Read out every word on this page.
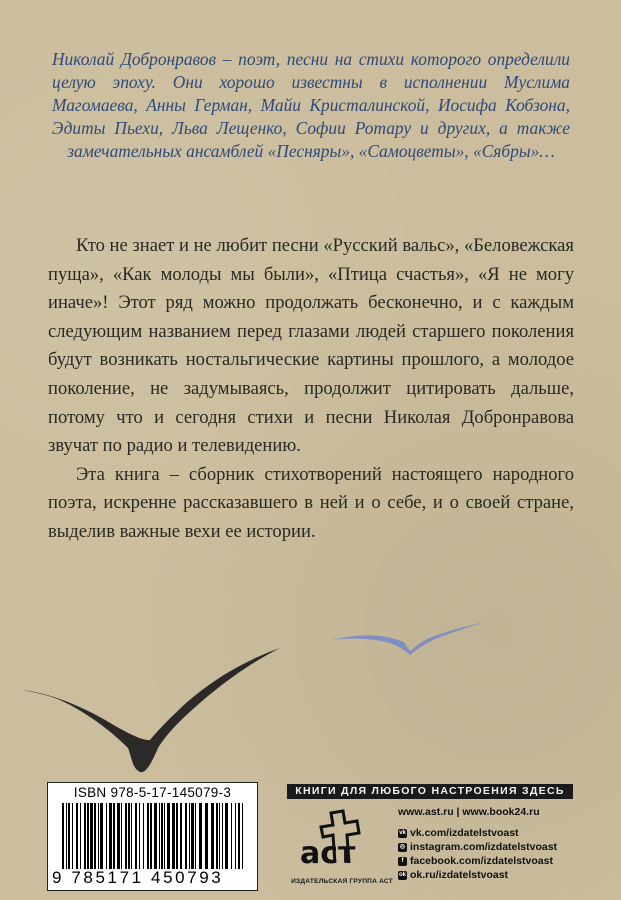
Николай Добронравов – поэт, песни на стихи которого определили целую эпоху. Они хорошо известны в исполнении Муслима Магомаева, Анны Герман, Майи Кристалинской, Иосифа Кобзона, Эдиты Пьехи, Льва Лещенко, Софии Ротару и других, а также замечательных ансамблей «Песняры», «Самоцветы», «Сябры»…

Кто не знает и не любит песни «Русский вальс», «Беловежская пуща», «Как молоды мы были», «Птица счастья», «Я не могу иначе»! Этот ряд можно продолжать бесконечно, и с каждым следующим названием перед глазами людей старшего поколения будут возникать ностальгические картины прошлого, а молодое поколение, не задумываясь, продолжит цитировать дальше, потому что и сегодня стихи и песни Николая Добронравова звучат по радио и телевидению.

Эта книга – сборник стихотворений настоящего народного поэта, искренне рассказавшего в ней и о себе, и о своей стране, выделив важные вехи ее истории.

ISBN 978-5-17-145079-3
9 785171 450793
КНИГИ ДЛЯ ЛЮБОГО НАСТРОЕНИЯ ЗДЕСЬ
аст
ИЗДАТЕЛЬСКАЯ ГРУППА АСТ
www.ast.ru | www.book24.ru
vk vk.com/izdatelstvoast
◎ instagram.com/izdatelstvoast
f facebook.com/izdatelstvoast
ok ok.ru/izdatelstvoast
